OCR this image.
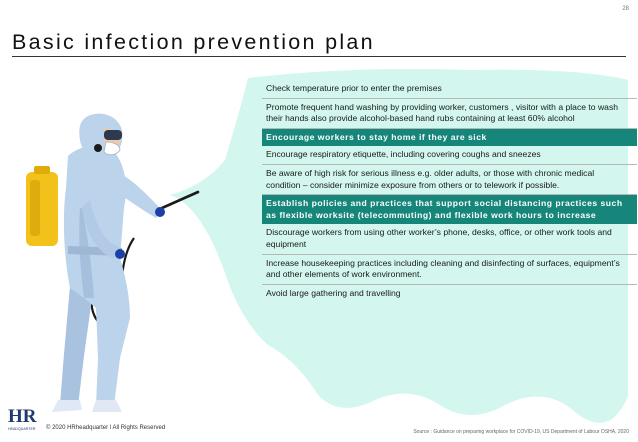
28
Basic infection prevention plan
Check temperature prior to enter the premises
Promote frequent hand washing by providing worker, customers , visitor with a place to wash their hands also provide alcohol-based hand rubs containing at least 60% alcohol
Encourage workers to stay home if they are sick
Encourage respiratory etiquette, including covering coughs and sneezes
Be aware of high risk for serious illness e.g. older adults, or those with chronic medical condition – consider minimize exposure from others or to telework if possible.
Establish policies and practices that support social distancing practices such as flexible worksite (telecommuting) and flexible work hours to increase
Discourage workers from using other worker’s phone, desks, office, or other work tools and equipment
Increase housekeeping practices including cleaning and disinfecting of surfaces, equipment’s and other elements of work environment.
Avoid large gathering and travelling
HR
HEADQUARTER © 2020 HRheadquarter l All Rights Reserved
Source : Guidance on preparing workplace for COVID-19, US Department of Labour OSHA, 2020
